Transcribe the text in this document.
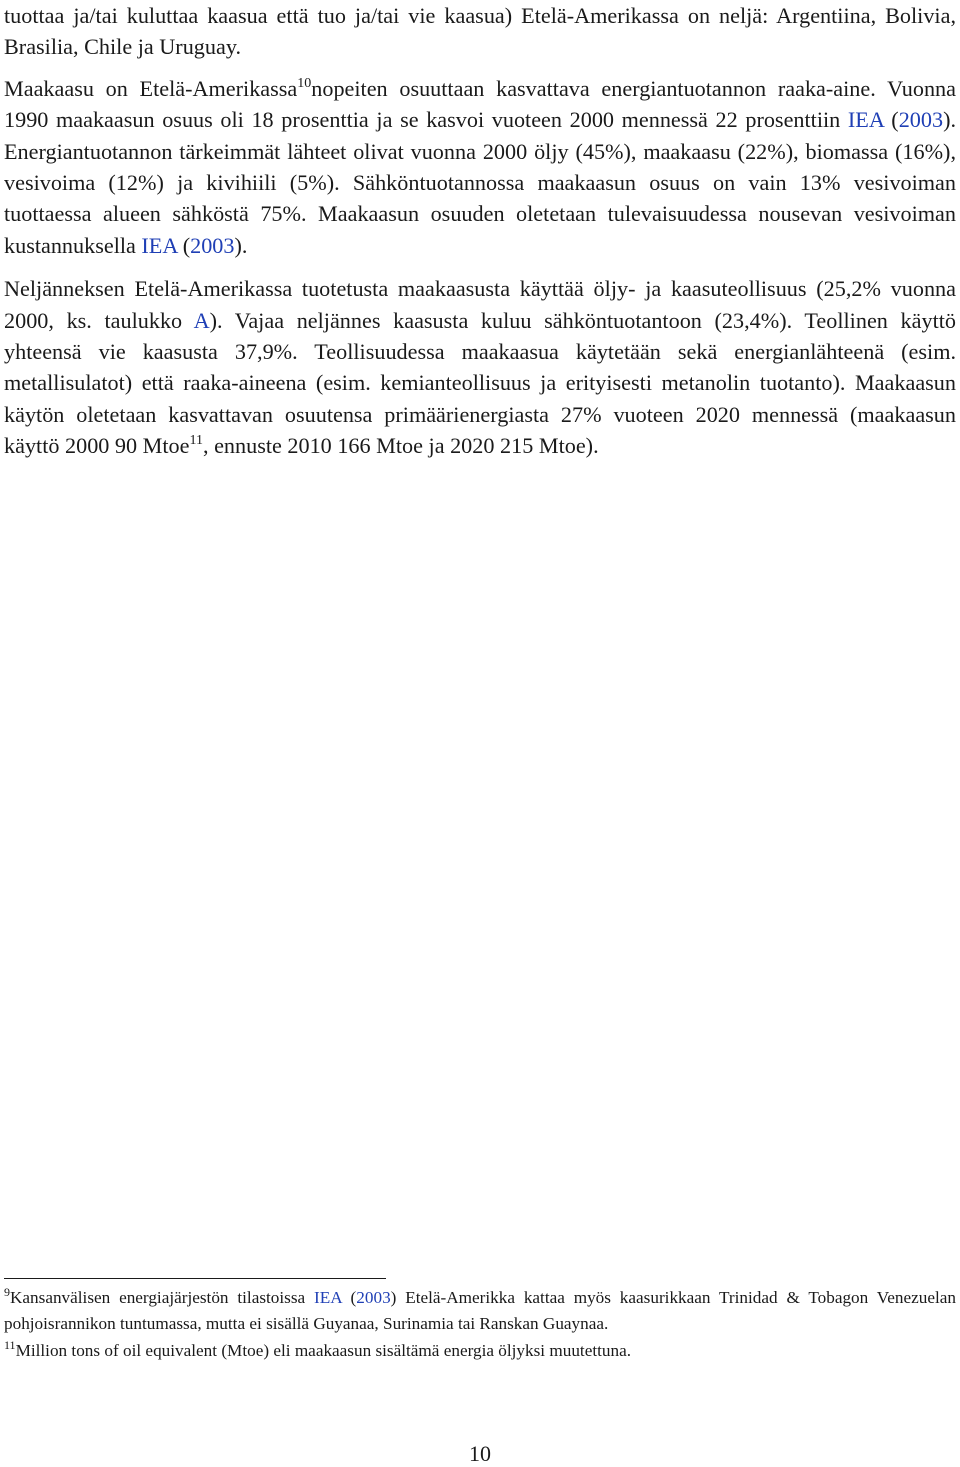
tuottaa ja/tai kuluttaa kaasua että tuo ja/tai vie kaasua) Etelä-Amerikassa on neljä: Argentiina, Bolivia, Brasilia, Chile ja Uruguay.

Maakaasu on Etelä-Amerikassa$^{10}$nopeiten osuuttaan kasvattava energiantuotannon raaka-aine. Vuonna 1990 maakaasun osuus oli 18 prosenttia ja se kasvoi vuoteen 2000 mennessä 22 prosenttiin IEA (2003). Energiantuotannon tärkeimmät lähteet olivat vuonna 2000 öljy (45%), maakaasu (22%), biomassa (16%), vesivoima (12%) ja kivihiili (5%). Sähköntuotannossa maakaasun osuus on vain 13% vesivoiman tuottaessa alueen sähköstä 75%. Maakaasun osuuden oletetaan tulevaisuudessa nousevan vesivoiman kustannuksella IEA (2003).

Neljänneksen Etelä-Amerikassa tuotetusta maakaasusta käyttää öljy- ja kaasuteollisuus (25,2% vuonna 2000, ks. taulukko A). Vajaa neljännes kaasusta kuluu sähköntuotantoon (23,4%). Teollinen käyttö yhteensä vie kaasusta 37,9%. Teollisuudessa maakaasua käytetään sekä energianlähteenä (esim. metallisulatot) että raaka-aineena (esim. kemianteollisuus ja erityisesti metanolin tuotanto). Maakaasun käytön oletetaan kasvattavan osuutensa primäärienergiasta 27% vuoteen 2020 mennessä (maakaasun käyttö 2000 90 Mtoe$^{11}$, ennuste 2010 166 Mtoe ja 2020 215 Mtoe).

$^9$Kansanvälisen energiajärjestön tilastoissa IEA (2003) Etelä-Amerikka kattaa myös kaasurikkaan Trinidad & Tobagon Venezuelan pohjoisrannikon tuntumassa, mutta ei sisällä Guyanaa, Surinamia tai Ranskan Guaynaa.

$^{11}$Million tons of oil equivalent (Mtoe) eli maakaasun sisältämä energia öljyksi muutettuna.

10
